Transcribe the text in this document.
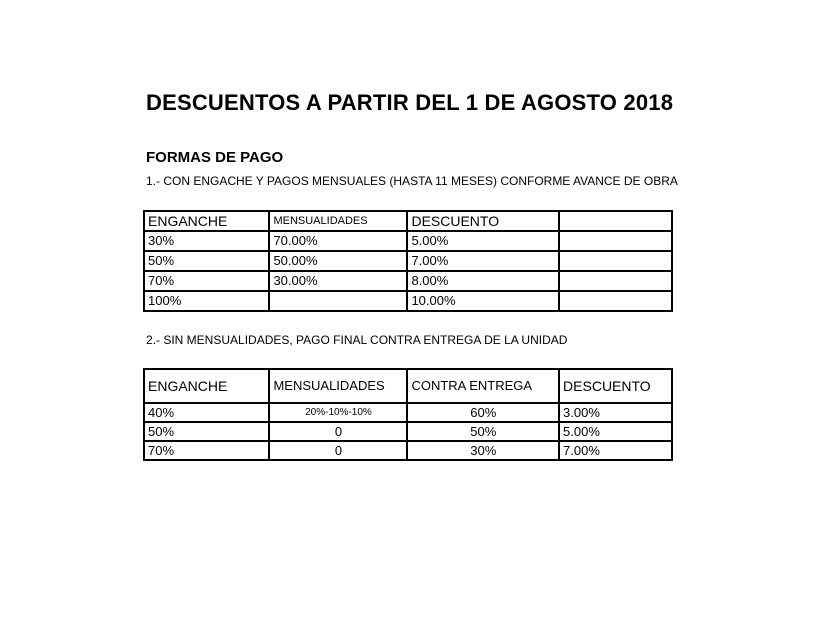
DESCUENTOS A PARTIR DEL 1 DE AGOSTO 2018
FORMAS DE PAGO
1.- CON ENGACHE Y PAGOS MENSUALES (HASTA 11 MESES) CONFORME AVANCE DE OBRA
ENGANCHE	MENSUALIDADES	DESCUENTO	
30%	70.00%	5.00%	
50%	50.00%	7.00%	
70%	30.00%	8.00%	
100%		10.00%	
2.- SIN MENSUALIDADES, PAGO FINAL CONTRA ENTREGA DE LA UNIDAD
ENGANCHE	MENSUALIDADES	CONTRA ENTREGA	DESCUENTO
40%	20%-10%-10%	60%	3.00%
50%	0	50%	5.00%
70%	0	30%	7.00%
